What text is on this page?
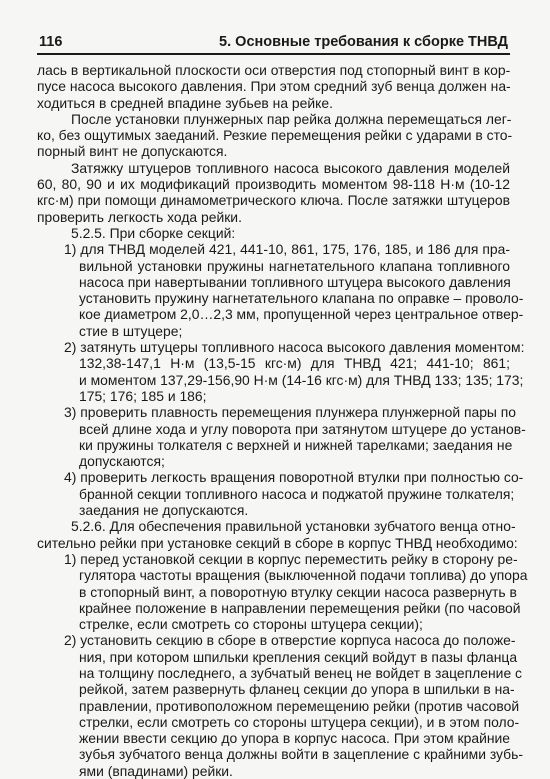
116	5. Основные требования к сборке ТНВД
лась в вертикальной плоскости оси отверстия под стопорный винт в кор-
пусе насоса высокого давления. При этом средний зуб венца должен на-
ходиться в средней впадине зубьев на рейке.
После установки плунжерных пар рейка должна перемещаться лег-
ко, без ощутимых заеданий. Резкие перемещения рейки с ударами в сто-
порный винт не допускаются.
Затяжку штуцеров топливного насоса высокого давления моделей
60, 80, 90 и их модификаций производить моментом 98-118 Н·м (10-12
кгс·м) при помощи динамометрического ключа. После затяжки штуцеров
проверить легкость хода рейки.
5.2.5. При сборке секций:
1) для ТНВД моделей 421, 441-10, 861, 175, 176, 185, и 186 для пра-
вильной установки пружины нагнетательного клапана топливного
насоса при навертывании топливного штуцера высокого давления
установить пружину нагнетательного клапана по оправке – проволо-
кое диаметром 2,0…2,3 мм, пропущенной через центральное отвер-
стие в штуцере;
2) затянуть штуцеры топливного насоса высокого давления моментом:
132,38-147,1 Н·м (13,5-15 кгс·м) для ТНВД 421; 441-10; 861;
и моментом 137,29-156,90 Н·м (14-16 кгс·м) для ТНВД 133; 135; 173;
175; 176; 185 и 186;
3) проверить плавность перемещения плунжера плунжерной пары по
всей длине хода и углу поворота при затянутом штуцере до установ-
ки пружины толкателя с верхней и нижней тарелками; заедания не
допускаются;
4) проверить легкость вращения поворотной втулки при полностью со-
бранной секции топливного насоса и поджатой пружине толкателя;
заедания не допускаются.
5.2.6. Для обеспечения правильной установки зубчатого венца отно-
сительно рейки при установке секций в сборе в корпус ТНВД необходимо:
1) перед установкой секции в корпус переместить рейку в сторону ре-
гулятора частоты вращения (выключенной подачи топлива) до упора
в стопорный винт, а поворотную втулку секции насоса развернуть в
крайнее положение в направлении перемещения рейки (по часовой
стрелке, если смотреть со стороны штуцера секции);
2) установить секцию в сборе в отверстие корпуса насоса до положе-
ния, при котором шпильки крепления секций войдут в пазы фланца
на толщину последнего, а зубчатый венец не войдет в зацепление с
рейкой, затем развернуть фланец секции до упора в шпильки в на-
правлении, противоположном перемещению рейки (против часовой
стрелки, если смотреть со стороны штуцера секции), и в этом поло-
жении ввести секцию до упора в корпус насоса. При этом крайние
зубья зубчатого венца должны войти в зацепление с крайними зубь-
ями (впадинами) рейки.
